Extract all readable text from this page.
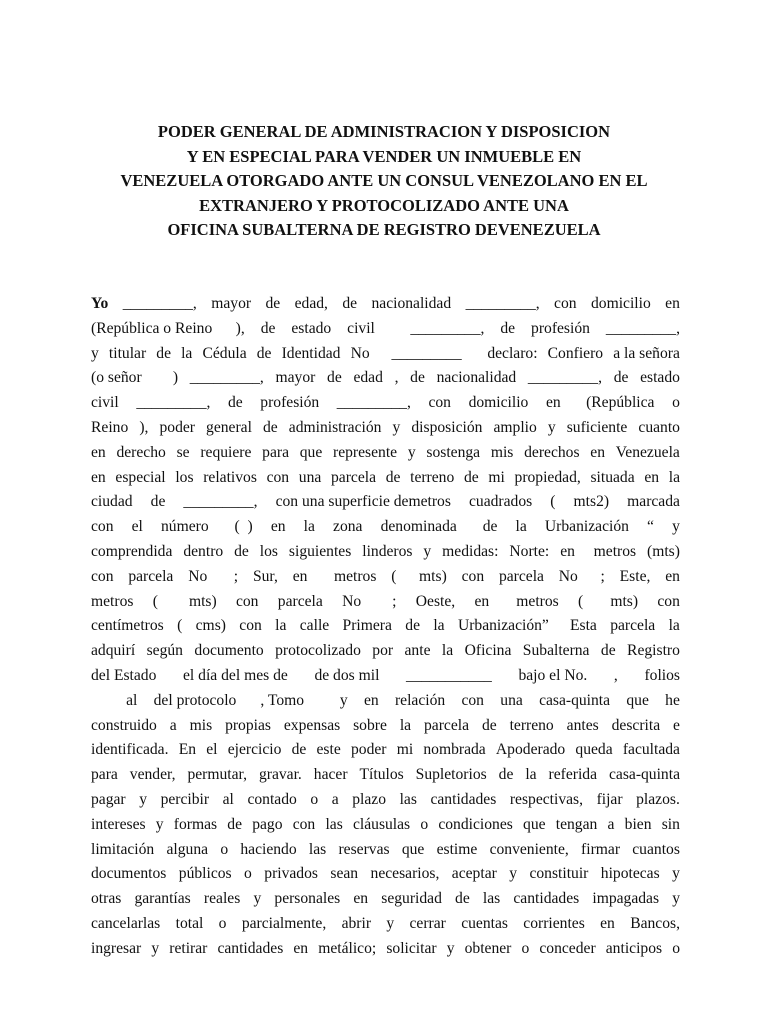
PODER GENERAL DE ADMINISTRACION Y DISPOSICION
Y EN ESPECIAL PARA VENDER UN INMUEBLE EN
VENEZUELA OTORGADO ANTE UN CONSUL VENEZOLANO EN EL
EXTRANJERO Y PROTOCOLIZADO ANTE UNA
OFICINA SUBALTERNA DE REGISTRO DEVENEZUELA
Yo _________, mayor de edad, de nacionalidad _________, con domicilio en
(República o Reino      ), de estado civil _________, de profesión _________,
y titular de la Cédula de Identidad No _________ declaro: Confiero a la señora
(o señor ) _________, mayor de edad , de nacionalidad _________, de estado
civil _________, de profesión _________, con domicilio en (República o
Reino ), poder general de administración y disposición amplio y suficiente cuanto
en derecho se requiere para que represente y sostenga mis derechos en Venezuela
en especial los relativos con una parcela de terreno de mi propiedad, situada en la
ciudad de _________, con una superficie demetros cuadrados ( mts2) marcada
con el número (  ) en la zona denominada de la Urbanización “ y
comprendida dentro de los siguientes linderos y medidas: Norte: en metros (mts)
con parcela No ; Sur, en metros ( mts) con parcela No ; Este, en
metros ( mts) con parcela No ; Oeste, en metros ( mts) con
centímetros ( cms) con la calle Primera de la Urbanización” Esta parcela la
adquirí según documento protocolizado por ante la Oficina Subalterna de Registro
del Estado el día del mes de de dos mil ___________ bajo el No. , folios
al del protocolo , Tomo y en relación con una casa-quinta que he
construido a mis propias expensas sobre la parcela de terreno antes descrita e
identificada. En el ejercicio de este poder mi nombrada Apoderado queda facultada
para vender, permutar, gravar. hacer Títulos Supletorios de la referida casa-quinta
pagar y percibir al contado o a plazo las cantidades respectivas, fijar plazos.
intereses y formas de pago con las cláusulas o condiciones que tengan a bien sin
limitación alguna o haciendo las reservas que estime conveniente, firmar cuantos
documentos públicos o privados sean necesarios, aceptar y constituir hipotecas y
otras garantías reales y personales en seguridad de las cantidades impagadas y
cancelarlas total o parcialmente, abrir y cerrar cuentas corrientes en Bancos,
ingresar y retirar cantidades en metálico; solicitar y obtener o conceder anticipos o
